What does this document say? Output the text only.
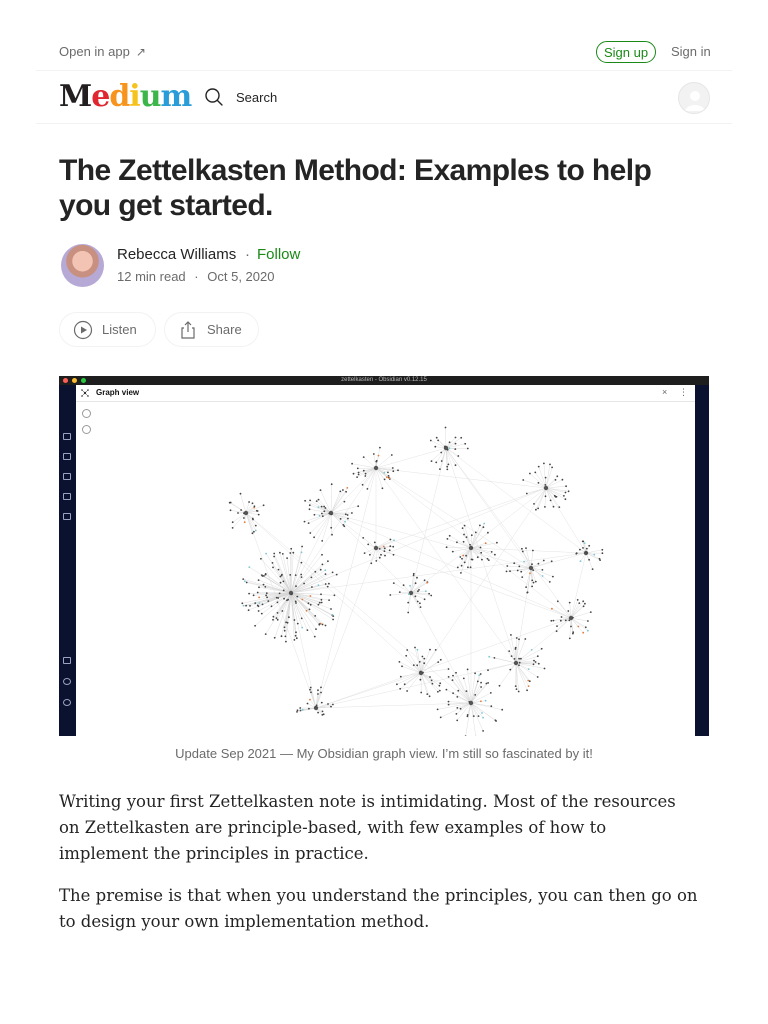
Open in app ↗	Sign up	Sign in
Medium	Search
The Zettelkasten Method: Examples to help you get started.
Rebecca Williams · Follow
12 min read · Oct 5, 2020
Listen	Share
zettelkasten - Obsidian v0.12.15
Graph view	× ⋮
Update Sep 2021 — My Obsidian graph view. I’m still so fascinated by it!

Writing your first Zettelkasten note is intimidating. Most of the resources on Zettelkasten are principle-based, with few examples of how to implement the principles in practice.

The premise is that when you understand the principles, you can then go on to design your own implementation method.
